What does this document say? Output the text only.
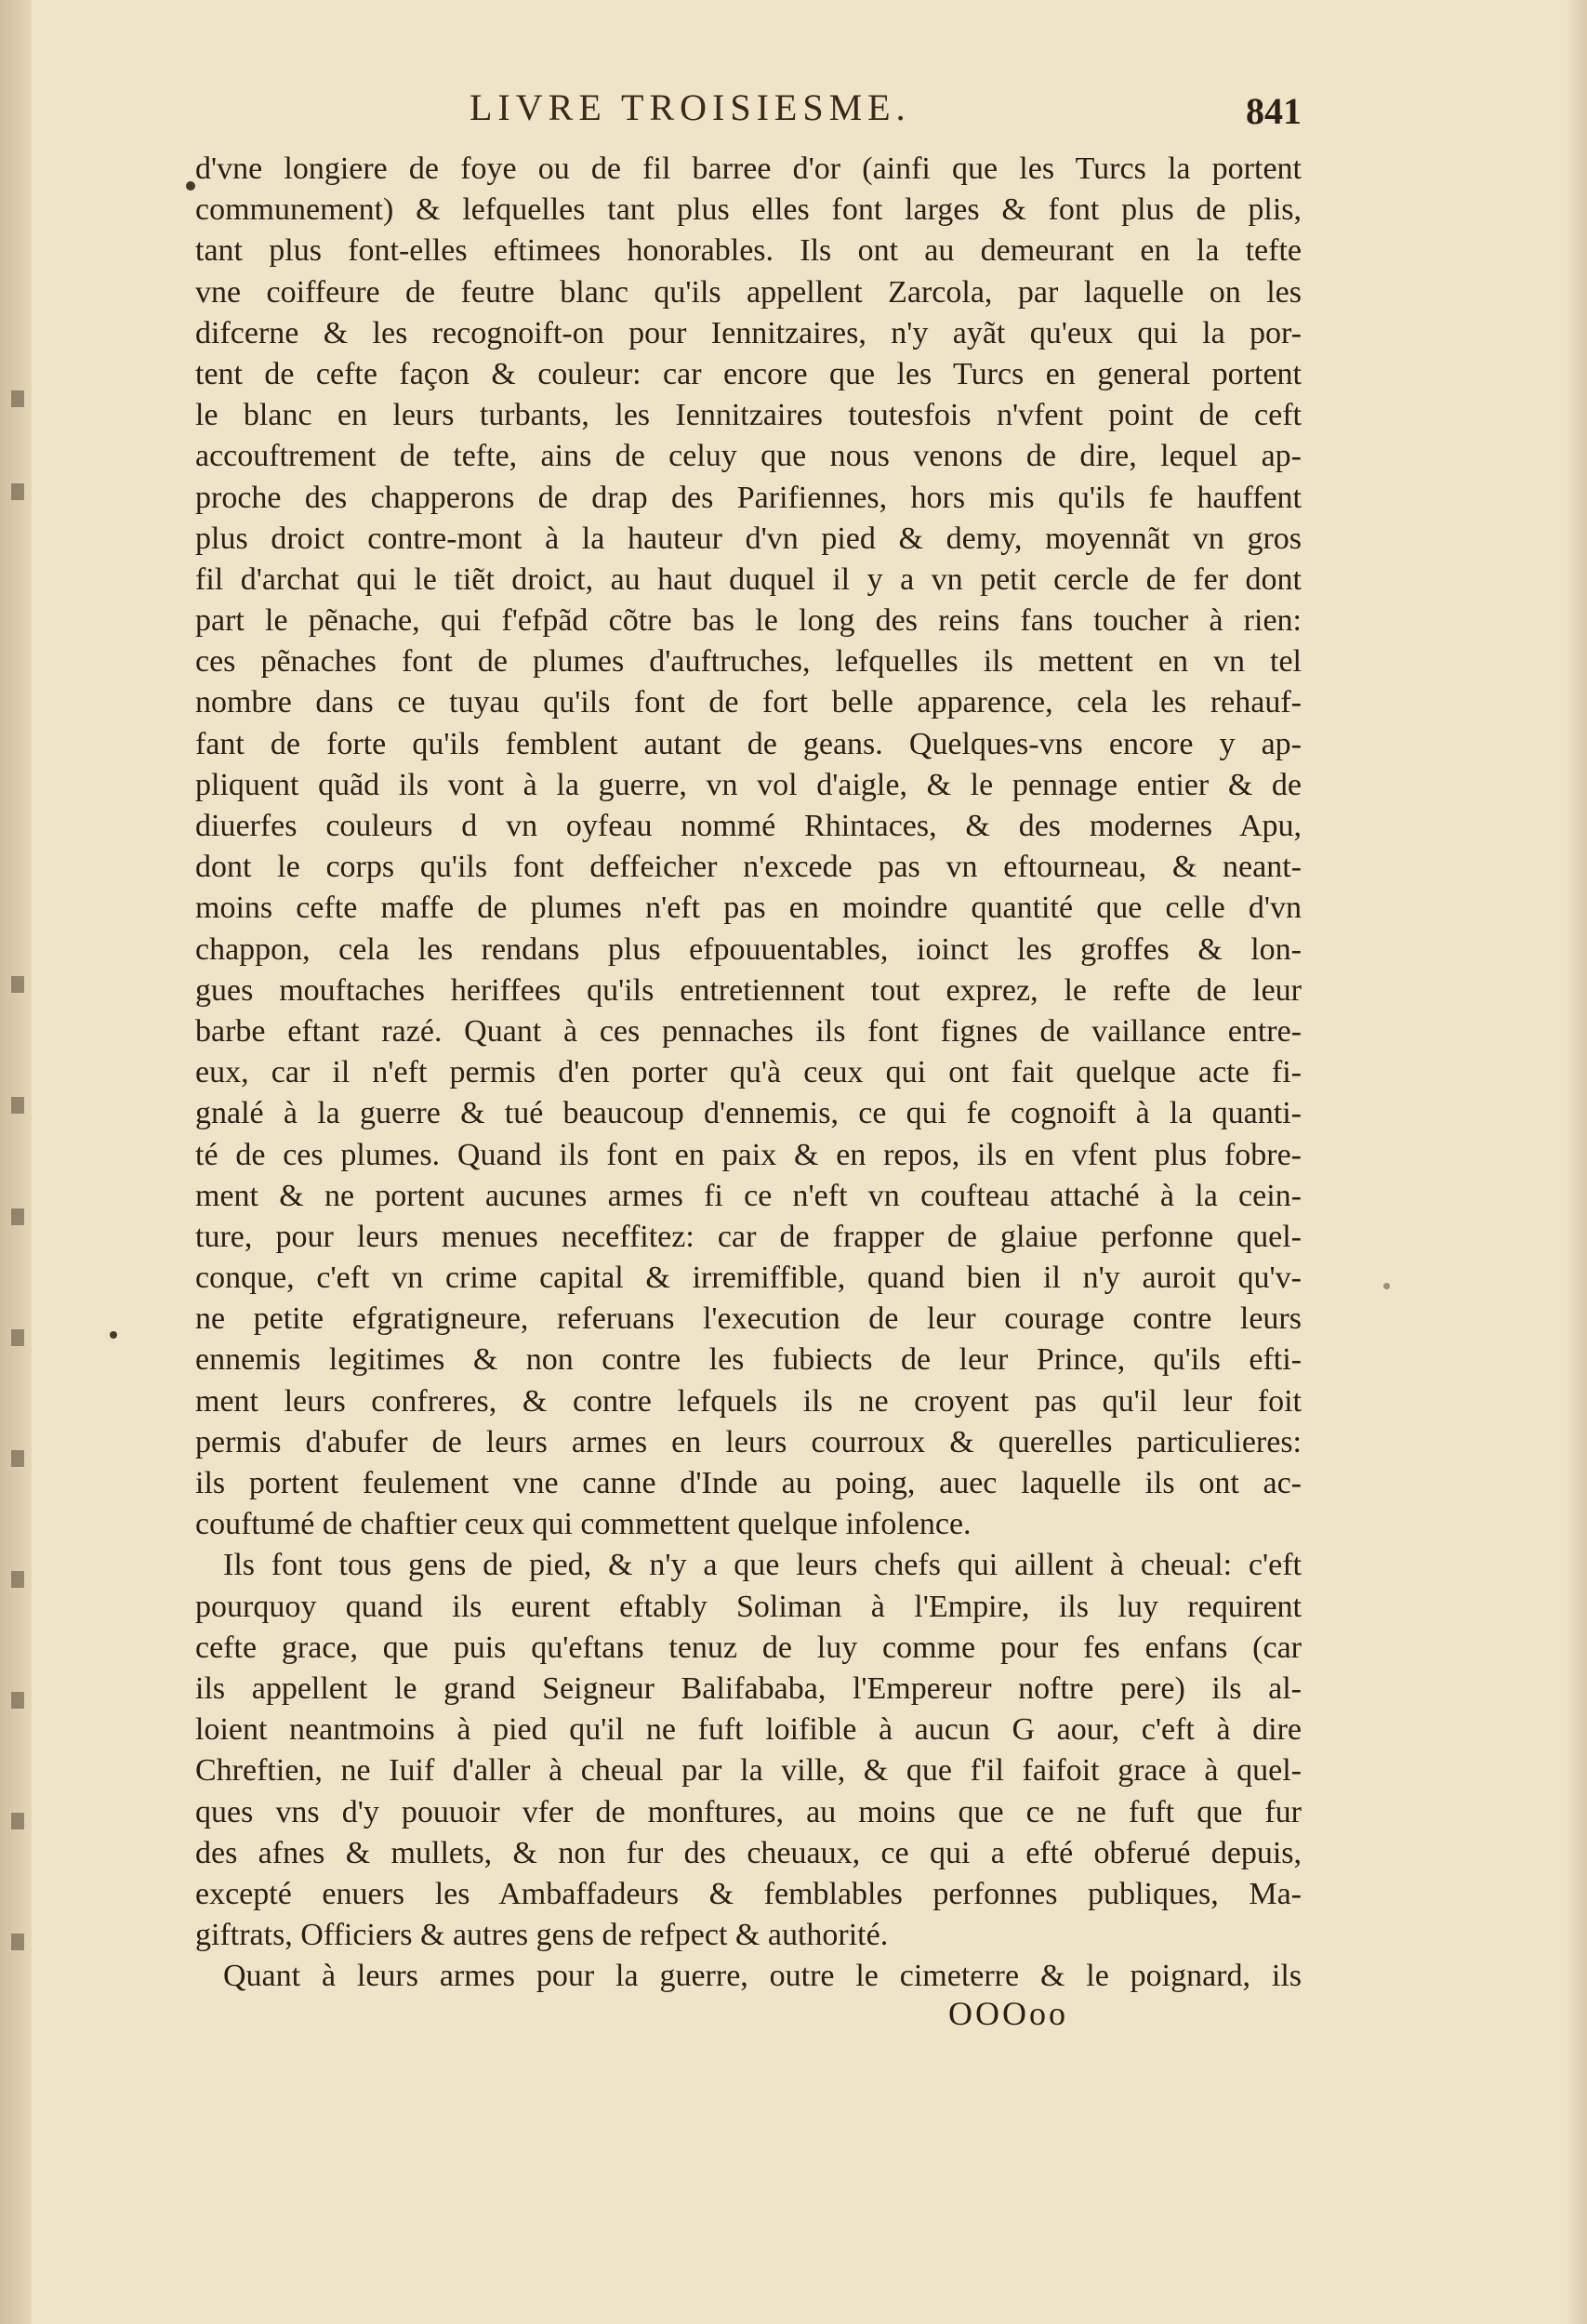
LIVRE TROISIESME.	841
d'vne longiere de foye ou de fil barree d'or (ainfi que les Turcs la portent
communement) & lefquelles tant plus elles font larges & font plus de plis,
tant plus font-elles eftimees honorables. Ils ont au demeurant en la tefte
vne coiffeure de feutre blanc qu'ils appellent Zarcola, par laquelle on les
difcerne & les recognoift-on pour Iennitzaires, n'y ayãt qu'eux qui la por-
tent de cefte façon & couleur: car encore que les Turcs en general portent
le blanc en leurs turbants, les Iennitzaires toutesfois n'vfent point de ceft
accouftrement de tefte, ains de celuy que nous venons de dire, lequel ap-
proche des chapperons de drap des Parifiennes, hors mis qu'ils fe hauffent
plus droict contre-mont à la hauteur d'vn pied & demy, moyennãt vn gros
fil d'archat qui le tiẽt droict, au haut duquel il y a vn petit cercle de fer dont
part le pẽnache, qui f'efpãd cõtre bas le long des reins fans toucher à rien:
ces pẽnaches font de plumes d'auftruches, lefquelles ils mettent en vn tel
nombre dans ce tuyau qu'ils font de fort belle apparence, cela les rehauf-
fant de forte qu'ils femblent autant de geans. Quelques-vns encore y ap-
pliquent quãd ils vont à la guerre, vn vol d'aigle, & le pennage entier & de
diuerfes couleurs d vn oyfeau nommé Rhintaces, & des modernes Apu,
dont le corps qu'ils font deffeicher n'excede pas vn eftourneau, & neant-
moins cefte maffe de plumes n'eft pas en moindre quantité que celle d'vn
chappon, cela les rendans plus efpouuentables, ioinct les groffes & lon-
gues mouftaches heriffees qu'ils entretiennent tout exprez, le refte de leur
barbe eftant razé. Quant à ces pennaches ils font fignes de vaillance entre-
eux, car il n'eft permis d'en porter qu'à ceux qui ont fait quelque acte fi-
gnalé à la guerre & tué beaucoup d'ennemis, ce qui fe cognoift à la quanti-
té de ces plumes. Quand ils font en paix & en repos, ils en vfent plus fobre-
ment & ne portent aucunes armes fi ce n'eft vn coufteau attaché à la cein-
ture, pour leurs menues neceffitez: car de frapper de glaiue perfonne quel-
conque, c'eft vn crime capital & irremiffible, quand bien il n'y auroit qu'v-
ne petite efgratigneure, referuans l'execution de leur courage contre leurs
ennemis legitimes & non contre les fubiects de leur Prince, qu'ils efti-
ment leurs confreres, & contre lefquels ils ne croyent pas qu'il leur foit
permis d'abufer de leurs armes en leurs courroux & querelles particulieres:
ils portent feulement vne canne d'Inde au poing, auec laquelle ils ont ac-
couftumé de chaftier ceux qui commettent quelque infolence.
Ils font tous gens de pied, & n'y a que leurs chefs qui aillent à cheual: c'eft
pourquoy quand ils eurent eftably Soliman à l'Empire, ils luy requirent
cefte grace, que puis qu'eftans tenuz de luy comme pour fes enfans (car
ils appellent le grand Seigneur Balifababa, l'Empereur noftre pere) ils al-
loient neantmoins à pied qu'il ne fuft loifible à aucun G aour, c'eft à dire
Chreftien, ne Iuif d'aller à cheual par la ville, & que f'il faifoit grace à quel-
ques vns d'y pouuoir vfer de monftures, au moins que ce ne fuft que fur
des afnes & mullets, & non fur des cheuaux, ce qui a efté obferué depuis,
excepté enuers les Ambaffadeurs & femblables perfonnes publiques, Ma-
giftrats, Officiers & autres gens de refpect & authorité.
Quant à leurs armes pour la guerre, outre le cimeterre & le poignard, ils
OOOoo
